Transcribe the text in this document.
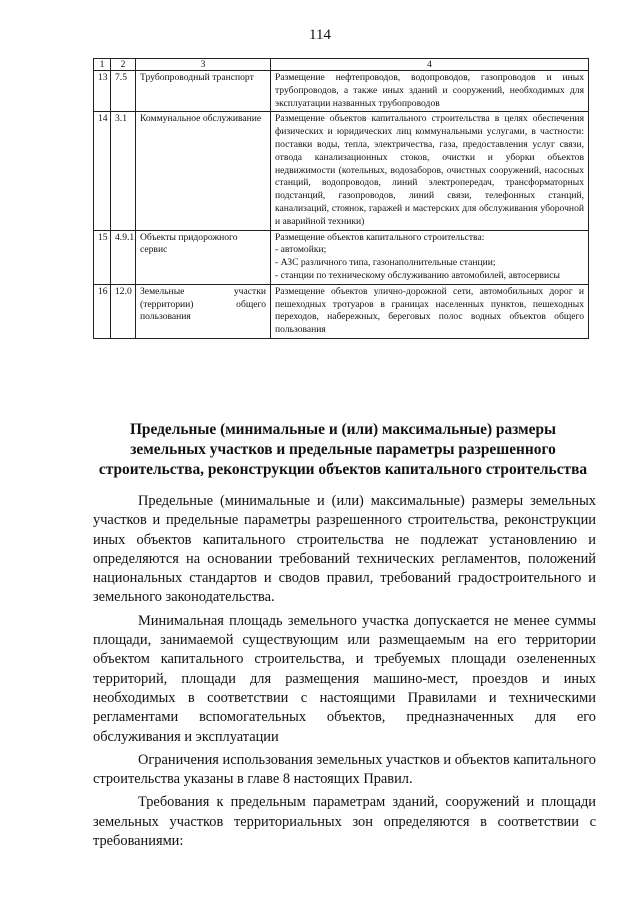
114
1	2	3	4
13	7.5	Трубопроводный транспорт	Размещение нефтепроводов, водопроводов, газопроводов и иных трубопроводов, а также иных зданий и сооружений, необходимых для эксплуатации названных трубопроводов
14	3.1	Коммунальное обслуживание	Размещение объектов капитального строительства в целях обеспечения физических и юридических лиц коммунальными услугами, в частности: поставки воды, тепла, электричества, газа, предоставления услуг связи, отвода канализационных стоков, очистки и уборки объектов недвижимости (котельных, водозаборов, очистных сооружений, насосных станций, водопроводов, линий электропередач, трансформаторных подстанций, газопроводов, линий связи, телефонных станций, канализаций, стоянок, гаражей и мастерских для обслуживания уборочной и аварийной техники)
15	4.9.1.	Объекты придорожного сервис	Размещение объектов капитального строительства:
- автомойки;
- АЗС различного типа, газонаполнительные станции;
- станции по техническому обслуживанию автомобилей, автосервисы

16	12.0	Земельные участки (территории) общего пользования	Размещение объектов улично-дорожной сети, автомобильных дорог и пешеходных тротуаров в границах населенных пунктов, пешеходных переходов, набережных, береговых полос водных объектов общего пользования
Предельные (минимальные и (или) максимальные) размеры земельных участков и предельные параметры разрешенного строительства, реконструкции объектов капитального строительства

Предельные (минимальные и (или) максимальные) размеры земельных участков и предельные параметры разрешенного строительства, реконструкции иных объектов капитального строительства не подлежат установлению и определяются на основании требований технических регламентов, положений национальных стандартов и сводов правил, требований градостроительного и земельного законодательства.

Минимальная площадь земельного участка допускается не менее суммы площади, занимаемой существующим или размещаемым на его территории объектом капитального строительства, и требуемых площади озелененных территорий, площади для размещения машино-мест, проездов и иных необходимых в соответствии с настоящими Правилами и техническими регламентами вспомогательных объектов, предназначенных для его обслуживания и эксплуатации

Ограничения использования земельных участков и объектов капитального строительства указаны в главе 8 настоящих Правил.

Требования к предельным параметрам зданий, сооружений и площади земельных участков территориальных зон определяются в соответствии с требованиями:
